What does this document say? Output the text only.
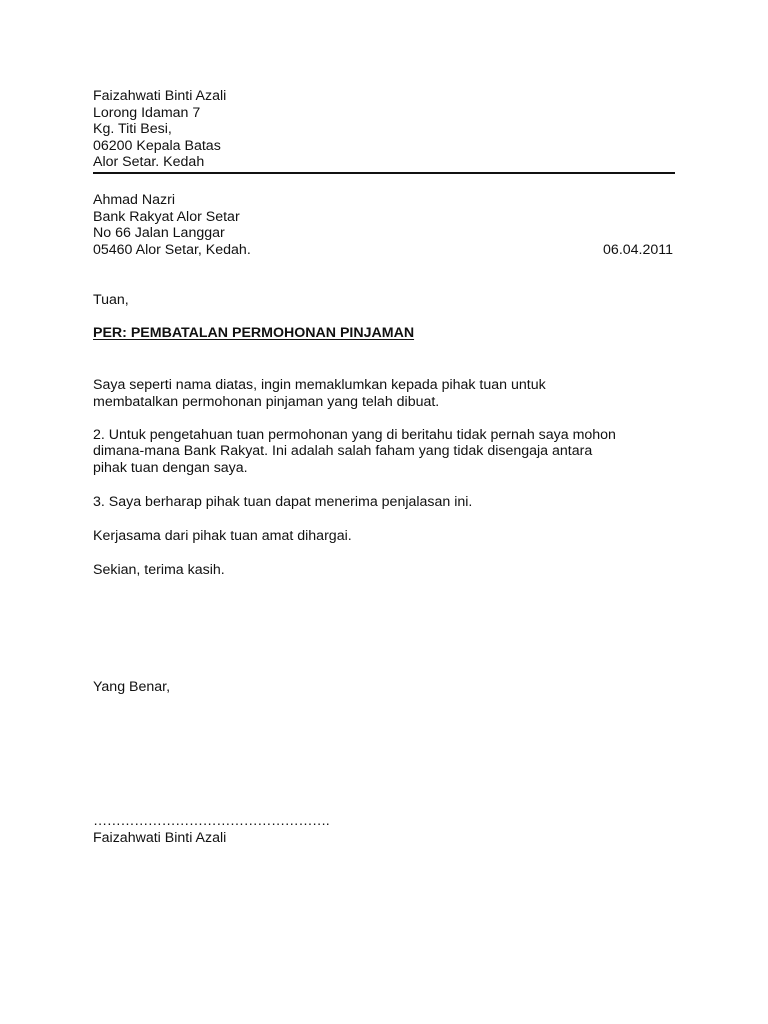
Faizahwati Binti Azali
Lorong Idaman 7
Kg. Titi Besi,
06200 Kepala Batas
Alor Setar. Kedah
Ahmad Nazri
Bank Rakyat Alor Setar
No 66 Jalan Langgar
05460 Alor Setar, Kedah.	06.04.2011
Tuan,
PER: PEMBATALAN PERMOHONAN PINJAMAN
Saya seperti nama diatas, ingin memaklumkan kepada pihak tuan untuk
membatalkan permohonan pinjaman yang telah dibuat.
2. Untuk pengetahuan tuan permohonan yang di beritahu tidak pernah saya mohon
dimana-mana Bank Rakyat. Ini adalah salah faham yang tidak disengaja antara
pihak tuan dengan saya.
3. Saya berharap pihak tuan dapat menerima penjalasan ini.
Kerjasama dari pihak tuan amat dihargai.
Sekian, terima kasih.
Yang Benar,
…………………………………………….
Faizahwati Binti Azali
